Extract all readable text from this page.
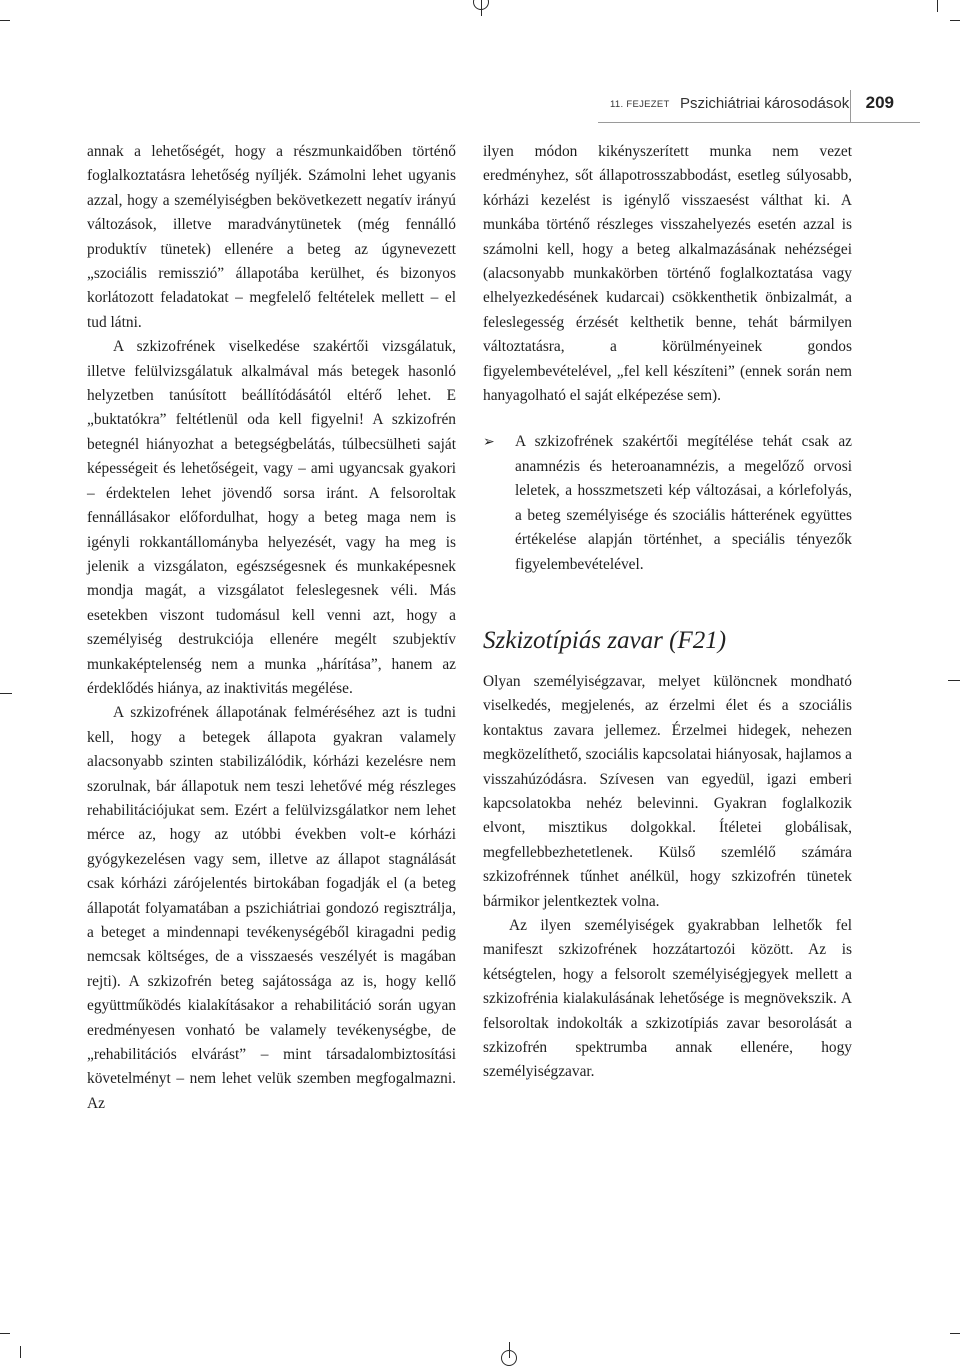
11. FEJEZET Pszichiátriai károsodások 209

annak a lehetőségét, hogy a részmunkaidőben történő foglalkoztatásra lehetőség nyíljék. Számolni lehet ugyanis azzal, hogy a személyiségben bekövetkezett negatív irányú változások, illetve maradványtünetek (még fennálló produktív tünetek) ellenére a beteg az úgynevezett „szociális remisszió” állapotába kerülhet, és bizonyos korlátozott feladatokat – megfelelő feltételek mellett – el tud látni.

A szkizofrének viselkedése szakértői vizsgálatuk, illetve felülvizsgálatuk alkalmával más betegek hasonló helyzetben tanúsított beállítódásától eltérő lehet. E „buktatókra” feltétlenül oda kell figyelni! A szkizofrén betegnél hiányozhat a betegségbelátás, túlbecsülheti saját képességeit és lehetőségeit, vagy – ami ugyancsak gyakori – érdektelen lehet jövendő sorsa iránt. A felsoroltak fennállásakor előfordulhat, hogy a beteg maga nem is igényli rokkantállományba helyezését, vagy ha meg is jelenik a vizsgálaton, egészségesnek és munkaképesnek mondja magát, a vizsgálatot feleslegesnek véli. Más esetekben viszont tudomásul kell venni azt, hogy a személyiség destrukciója ellenére megélt szubjektív munkaképtelenség nem a munka „hárítása”, hanem az érdeklődés hiánya, az inaktivitás megélése.

A szkizofrének állapotának felméréséhez azt is tudni kell, hogy a betegek állapota gyakran valamely alacsonyabb szinten stabilizálódik, kórházi kezelésre nem szorulnak, bár állapotuk nem teszi lehetővé még részleges rehabilitációjukat sem. Ezért a felülvizsgálatkor nem lehet mérce az, hogy az utóbbi években volt-e kórházi gyógykezelésen vagy sem, illetve az állapot stagnálását csak kórházi zárójelentés birtokában fogadják el (a beteg állapotát folyamatában a pszichiátriai gondozó regisztrálja, a beteget a mindennapi tevékenységéből kiragadni pedig nemcsak költséges, de a visszaesés veszélyét is magában rejti). A szkizofrén beteg sajátossága az is, hogy kellő együttműködés kialakításakor a rehabilitáció során ugyan eredményesen vonható be valamely tevékenységbe, de „rehabilitációs elvárást” – mint társadalombiztosítási követelményt – nem lehet velük szemben megfogalmazni. Az

ilyen módon kikényszerített munka nem vezet eredményhez, sőt állapotrosszabbodást, esetleg súlyosabb, kórházi kezelést is igénylő visszaesést válthat ki. A munkába történő részleges visszahelyezés esetén azzal is számolni kell, hogy a beteg alkalmazásának nehézségei (alacsonyabb munkakörben történő foglalkoztatása vagy elhelyezkedésének kudarcai) csökkenthetik önbizalmát, a feleslegesség érzését kelthetik benne, tehát bármilyen változtatásra, a körülményeinek gondos figyelembevételével, „fel kell készíteni” (ennek során nem hanyagolható el saját elképezése sem).

➢ A szkizofrének szakértői megítélése tehát csak az anamnézis és heteroanamnézis, a megelőző orvosi leletek, a hosszmetszeti kép változásai, a kórlefolyás, a beteg személyisége és szociális hátterének együttes értékelése alapján történhet, a speciális tényezők figyelembevételével.

Szkizotípiás zavar (F21)

Olyan személyiségzavar, melyet különcnek mondható viselkedés, megjelenés, az érzelmi élet és a szociális kontaktus zavara jellemez. Érzelmei hidegek, nehezen megközelíthető, szociális kapcsolatai hiányosak, hajlamos a visszahúzódásra. Szívesen van egyedül, igazi emberi kapcsolatokba nehéz belevinni. Gyakran foglalkozik elvont, misztikus dolgokkal. Ítéletei globálisak, megfellebbezhetetlenek. Külső szemlélő számára szkizofrénnek tűnhet anélkül, hogy szkizofrén tünetek bármikor jelentkeztek volna.

Az ilyen személyiségek gyakrabban lelhetők fel manifeszt szkizofrének hozzátartozói között. Az is kétségtelen, hogy a felsorolt személyiségjegyek mellett a szkizofrénia kialakulásának lehetősége is megnövekszik. A felsoroltak indokolták a szkizotípiás zavar besorolását a szkizofrén spektrumba annak ellenére, hogy személyiségzavar.
